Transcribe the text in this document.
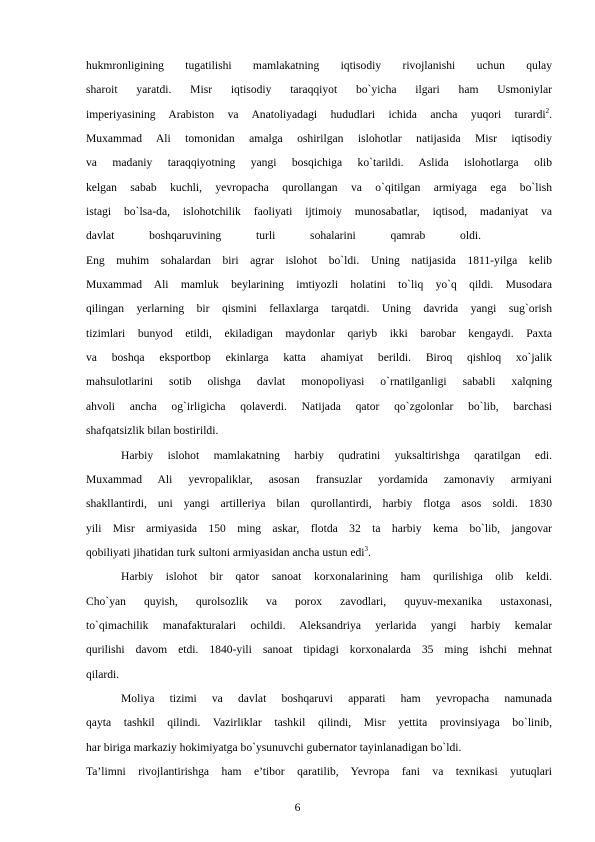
hukmronligining tugatilishi mamlakatning iqtisodiy rivojlanishi uchun qulay
sharoit yaratdi. Misr iqtisodiy taraqqiyot bo`yicha ilgari ham Usmoniylar
imperiyasining Arabiston va Anatoliyadagi hududlari ichida ancha yuqori turardi$^2$.
Muxammad Ali tomonidan amalga oshirilgan islohotlar natijasida Misr iqtisodiy
va madaniy taraqqiyotning yangi bosqichiga ko`tarildi. Aslida islohotlarga olib
kelgan sabab kuchli, yevropacha qurollangan va o`qitilgan armiyaga ega bo`lish
istagi bo`lsa-da, islohotchilik faoliyati ijtimoiy munosabatlar, iqtisod, madaniyat va
davlat boshqaruvining turli sohalarini qamrab oldi.
Eng muhim sohalardan biri agrar islohot bo`ldi. Uning natijasida 1811-yilga kelib
Muxammad Ali mamluk beylarining imtiyozli holatini to`liq yo`q qildi. Musodara
qilingan yerlarning bir qismini fellaxlarga tarqatdi. Uning davrida yangi sug`orish
tizimlari bunyod etildi, ekiladigan maydonlar qariyb ikki barobar kengaydi. Paxta
va boshqa eksportbop ekinlarga katta ahamiyat berildi. Biroq qishloq xo`jalik
mahsulotlarini sotib olishga davlat monopoliyasi o`rnatilganligi sababli xalqning
ahvoli ancha og`irligicha qolaverdi. Natijada qator qo`zgolonlar bo`lib, barchasi
shafqatsizlik bilan bostirildi.
Harbiy islohot mamlakatning harbiy qudratini yuksaltirishga qaratilgan edi.
Muxammad Ali yevropaliklar, asosan fransuzlar yordamida zamonaviy armiyani
shakllantirdi, uni yangi artilleriya bilan qurollantirdi, harbiy flotga asos soldi. 1830
yili Misr armiyasida 150 ming askar, flotda 32 ta harbiy kema bo`lib, jangovar
qobiliyati jihatidan turk sultoni armiyasidan ancha ustun edi$^3$.
Harbiy islohot bir qator sanoat korxonalarining ham qurilishiga olib keldi.
Cho`yan quyish, qurolsozlik va porox zavodlari, quyuv-mexanika ustaxonasi,
to`qimachilik manafakturalari ochildi. Aleksandriya yerlarida yangi harbiy kemalar
qurilishi davom etdi. 1840-yili sanoat tipidagi korxonalarda 35 ming ishchi mehnat
qilardi.
Moliya tizimi va davlat boshqaruvi apparati ham yevropacha namunada
qayta tashkil qilindi. Vazirliklar tashkil qilindi, Misr yettita provinsiyaga bo`linib,
har biriga markaziy hokimiyatga bo`ysunuvchi gubernator tayinlanadigan bo`ldi.
Ta’limni rivojlantirishga ham e’tibor qaratilib, Yevropa fani va texnikasi yutuqlari
6
